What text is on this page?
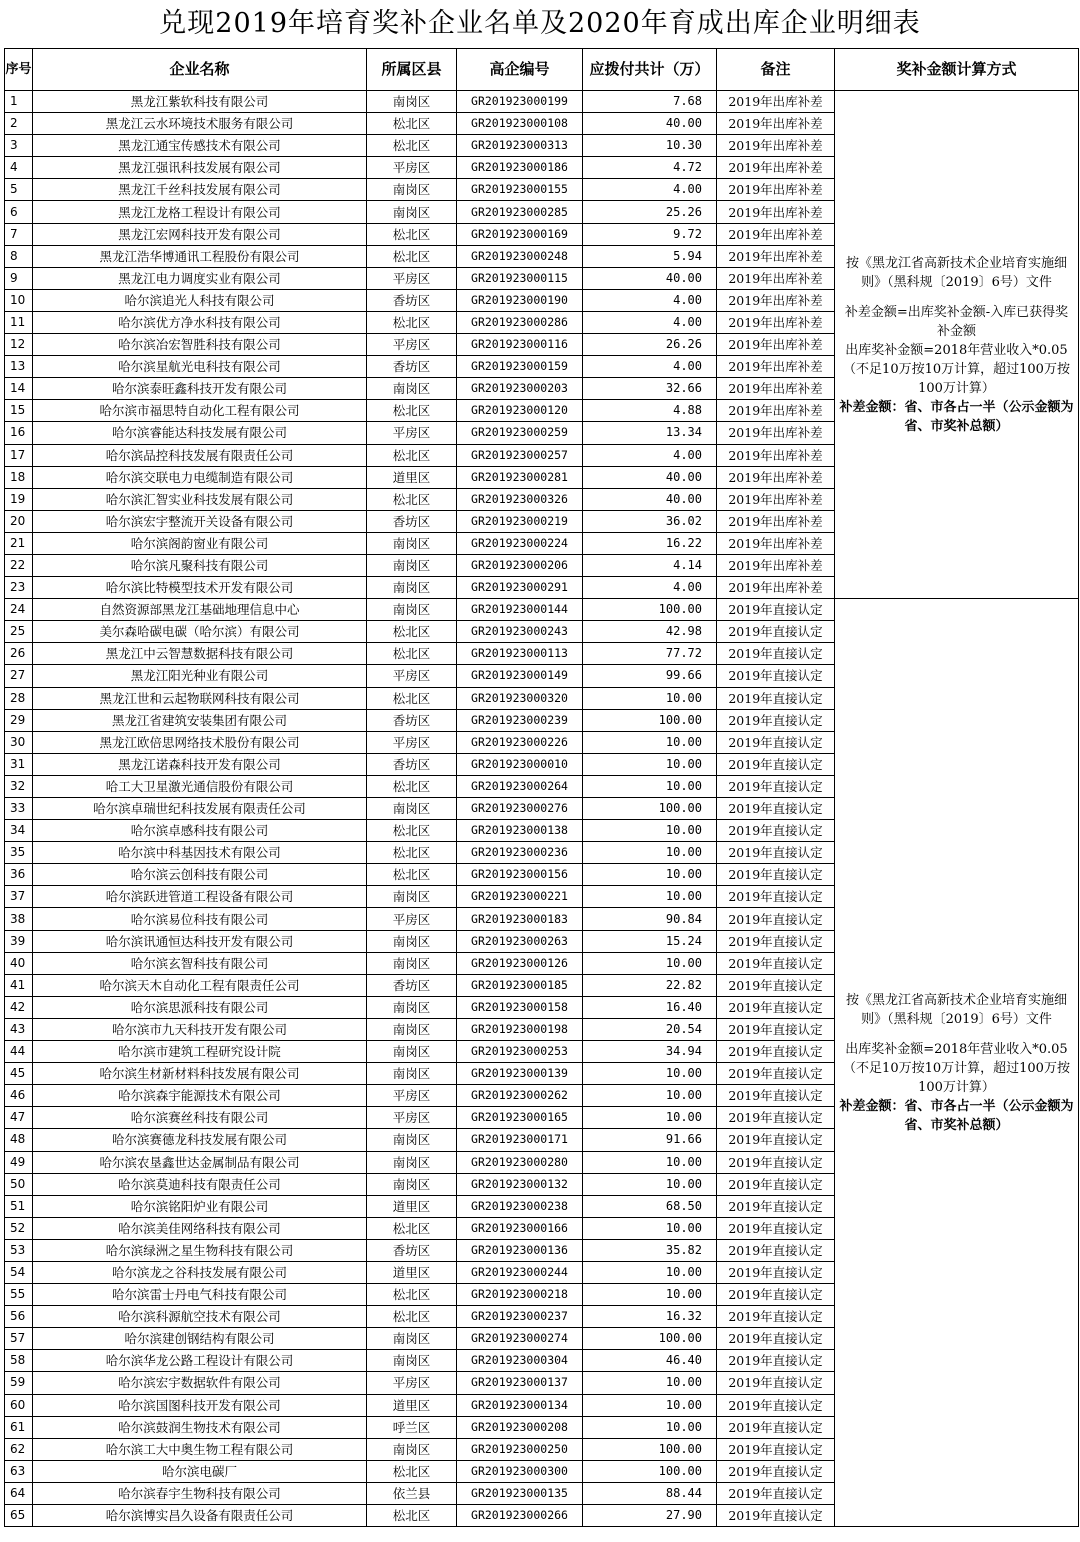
兑现2019年培育奖补企业名单及2020年育成出库企业明细表
序号	企业名称	所属区县	高企编号	应拨付共计（万）	备注	奖补金额计算方式
1	黑龙江紫软科技有限公司	南岗区	GR201923000199	7.68	2019年出库补差	按《黑龙江省高新技术企业培育实施细则》（黑科规〔2019〕6号）文件
补差金额=出库奖补金额-入库已获得奖补金额
出库奖补金额=2018年营业收入*0.05（不足10万按10万计算，超过100万按100万计算）
补差金额：省、市各占一半（公示金额为省、市奖补总额）

2	黑龙江云水环境技术服务有限公司	松北区	GR201923000108	40.00	2019年出库补差	
3	黑龙江通宝传感技术有限公司	松北区	GR201923000313	10.30	2019年出库补差	
4	黑龙江强讯科技发展有限公司	平房区	GR201923000186	4.72	2019年出库补差	
5	黑龙江千丝科技发展有限公司	南岗区	GR201923000155	4.00	2019年出库补差	
6	黑龙江龙格工程设计有限公司	南岗区	GR201923000285	25.26	2019年出库补差	
7	黑龙江宏网科技开发有限公司	松北区	GR201923000169	9.72	2019年出库补差	
8	黑龙江浩华博通讯工程股份有限公司	松北区	GR201923000248	5.94	2019年出库补差	
9	黑龙江电力调度实业有限公司	平房区	GR201923000115	40.00	2019年出库补差	
10	哈尔滨追光人科技有限公司	香坊区	GR201923000190	4.00	2019年出库补差	
11	哈尔滨优方净水科技有限公司	松北区	GR201923000286	4.00	2019年出库补差	
12	哈尔滨冶宏智胜科技有限公司	平房区	GR201923000116	26.26	2019年出库补差	
13	哈尔滨星航光电科技有限公司	香坊区	GR201923000159	4.00	2019年出库补差	
14	哈尔滨泰旺鑫科技开发有限公司	南岗区	GR201923000203	32.66	2019年出库补差	
15	哈尔滨市福思特自动化工程有限公司	松北区	GR201923000120	4.88	2019年出库补差	
16	哈尔滨睿能达科技发展有限公司	平房区	GR201923000259	13.34	2019年出库补差	
17	哈尔滨品控科技发展有限责任公司	松北区	GR201923000257	4.00	2019年出库补差	
18	哈尔滨交联电力电缆制造有限公司	道里区	GR201923000281	40.00	2019年出库补差	
19	哈尔滨汇智实业科技发展有限公司	松北区	GR201923000326	40.00	2019年出库补差	
20	哈尔滨宏宇整流开关设备有限公司	香坊区	GR201923000219	36.02	2019年出库补差	
21	哈尔滨阁韵窗业有限公司	南岗区	GR201923000224	16.22	2019年出库补差	
22	哈尔滨凡聚科技有限公司	南岗区	GR201923000206	4.14	2019年出库补差	
23	哈尔滨比特模型技术开发有限公司	南岗区	GR201923000291	4.00	2019年出库补差	
24	自然资源部黑龙江基础地理信息中心	南岗区	GR201923000144	100.00	2019年直接认定	按《黑龙江省高新技术企业培育实施细则》（黑科规〔2019〕6号）文件
出库奖补金额=2018年营业收入*0.05（不足10万按10万计算，超过100万按100万计算）
补差金额：省、市各占一半（公示金额为省、市奖补总额）

25	美尔森哈碳电碳（哈尔滨）有限公司	松北区	GR201923000243	42.98	2019年直接认定	
26	黑龙江中云智慧数据科技有限公司	松北区	GR201923000113	77.72	2019年直接认定	
27	黑龙江阳光种业有限公司	平房区	GR201923000149	99.66	2019年直接认定	
28	黑龙江世和云起物联网科技有限公司	松北区	GR201923000320	10.00	2019年直接认定	
29	黑龙江省建筑安装集团有限公司	香坊区	GR201923000239	100.00	2019年直接认定	
30	黑龙江欧倍思网络技术股份有限公司	平房区	GR201923000226	10.00	2019年直接认定	
31	黑龙江诺森科技开发有限公司	香坊区	GR201923000010	10.00	2019年直接认定	
32	哈工大卫星激光通信股份有限公司	松北区	GR201923000264	10.00	2019年直接认定	
33	哈尔滨卓瑞世纪科技发展有限责任公司	南岗区	GR201923000276	100.00	2019年直接认定	
34	哈尔滨卓感科技有限公司	松北区	GR201923000138	10.00	2019年直接认定	
35	哈尔滨中科基因技术有限公司	松北区	GR201923000236	10.00	2019年直接认定	
36	哈尔滨云创科技有限公司	松北区	GR201923000156	10.00	2019年直接认定	
37	哈尔滨跃进管道工程设备有限公司	南岗区	GR201923000221	10.00	2019年直接认定	
38	哈尔滨易位科技有限公司	平房区	GR201923000183	90.84	2019年直接认定	
39	哈尔滨讯通恒达科技开发有限公司	南岗区	GR201923000263	15.24	2019年直接认定	
40	哈尔滨玄智科技有限公司	南岗区	GR201923000126	10.00	2019年直接认定	
41	哈尔滨天木自动化工程有限责任公司	香坊区	GR201923000185	22.82	2019年直接认定	
42	哈尔滨思派科技有限公司	南岗区	GR201923000158	16.40	2019年直接认定	
43	哈尔滨市九天科技开发有限公司	南岗区	GR201923000198	20.54	2019年直接认定	
44	哈尔滨市建筑工程研究设计院	南岗区	GR201923000253	34.94	2019年直接认定	
45	哈尔滨生材新材料科技发展有限公司	南岗区	GR201923000139	10.00	2019年直接认定	
46	哈尔滨森宇能源技术有限公司	平房区	GR201923000262	10.00	2019年直接认定	
47	哈尔滨赛丝科技有限公司	平房区	GR201923000165	10.00	2019年直接认定	
48	哈尔滨赛德龙科技发展有限公司	南岗区	GR201923000171	91.66	2019年直接认定	
49	哈尔滨农垦鑫世达金属制品有限公司	南岗区	GR201923000280	10.00	2019年直接认定	
50	哈尔滨莫迪科技有限责任公司	南岗区	GR201923000132	10.00	2019年直接认定	
51	哈尔滨铭阳炉业有限公司	道里区	GR201923000238	68.50	2019年直接认定	
52	哈尔滨美佳网络科技有限公司	松北区	GR201923000166	10.00	2019年直接认定	
53	哈尔滨绿洲之星生物科技有限公司	香坊区	GR201923000136	35.82	2019年直接认定	
54	哈尔滨龙之谷科技发展有限公司	道里区	GR201923000244	10.00	2019年直接认定	
55	哈尔滨雷士丹电气科技有限公司	松北区	GR201923000218	10.00	2019年直接认定	
56	哈尔滨科源航空技术有限公司	松北区	GR201923000237	16.32	2019年直接认定	
57	哈尔滨建创钢结构有限公司	南岗区	GR201923000274	100.00	2019年直接认定	
58	哈尔滨华龙公路工程设计有限公司	南岗区	GR201923000304	46.40	2019年直接认定	
59	哈尔滨宏宇数据软件有限公司	平房区	GR201923000137	10.00	2019年直接认定	
60	哈尔滨国图科技开发有限公司	道里区	GR201923000134	10.00	2019年直接认定	
61	哈尔滨鼓润生物技术有限公司	呼兰区	GR201923000208	10.00	2019年直接认定	
62	哈尔滨工大中奥生物工程有限公司	南岗区	GR201923000250	100.00	2019年直接认定	
63	哈尔滨电碳厂	松北区	GR201923000300	100.00	2019年直接认定	
64	哈尔滨春宇生物科技有限公司	依兰县	GR201923000135	88.44	2019年直接认定	
65	哈尔滨博实昌久设备有限责任公司	松北区	GR201923000266	27.90	2019年直接认定	
